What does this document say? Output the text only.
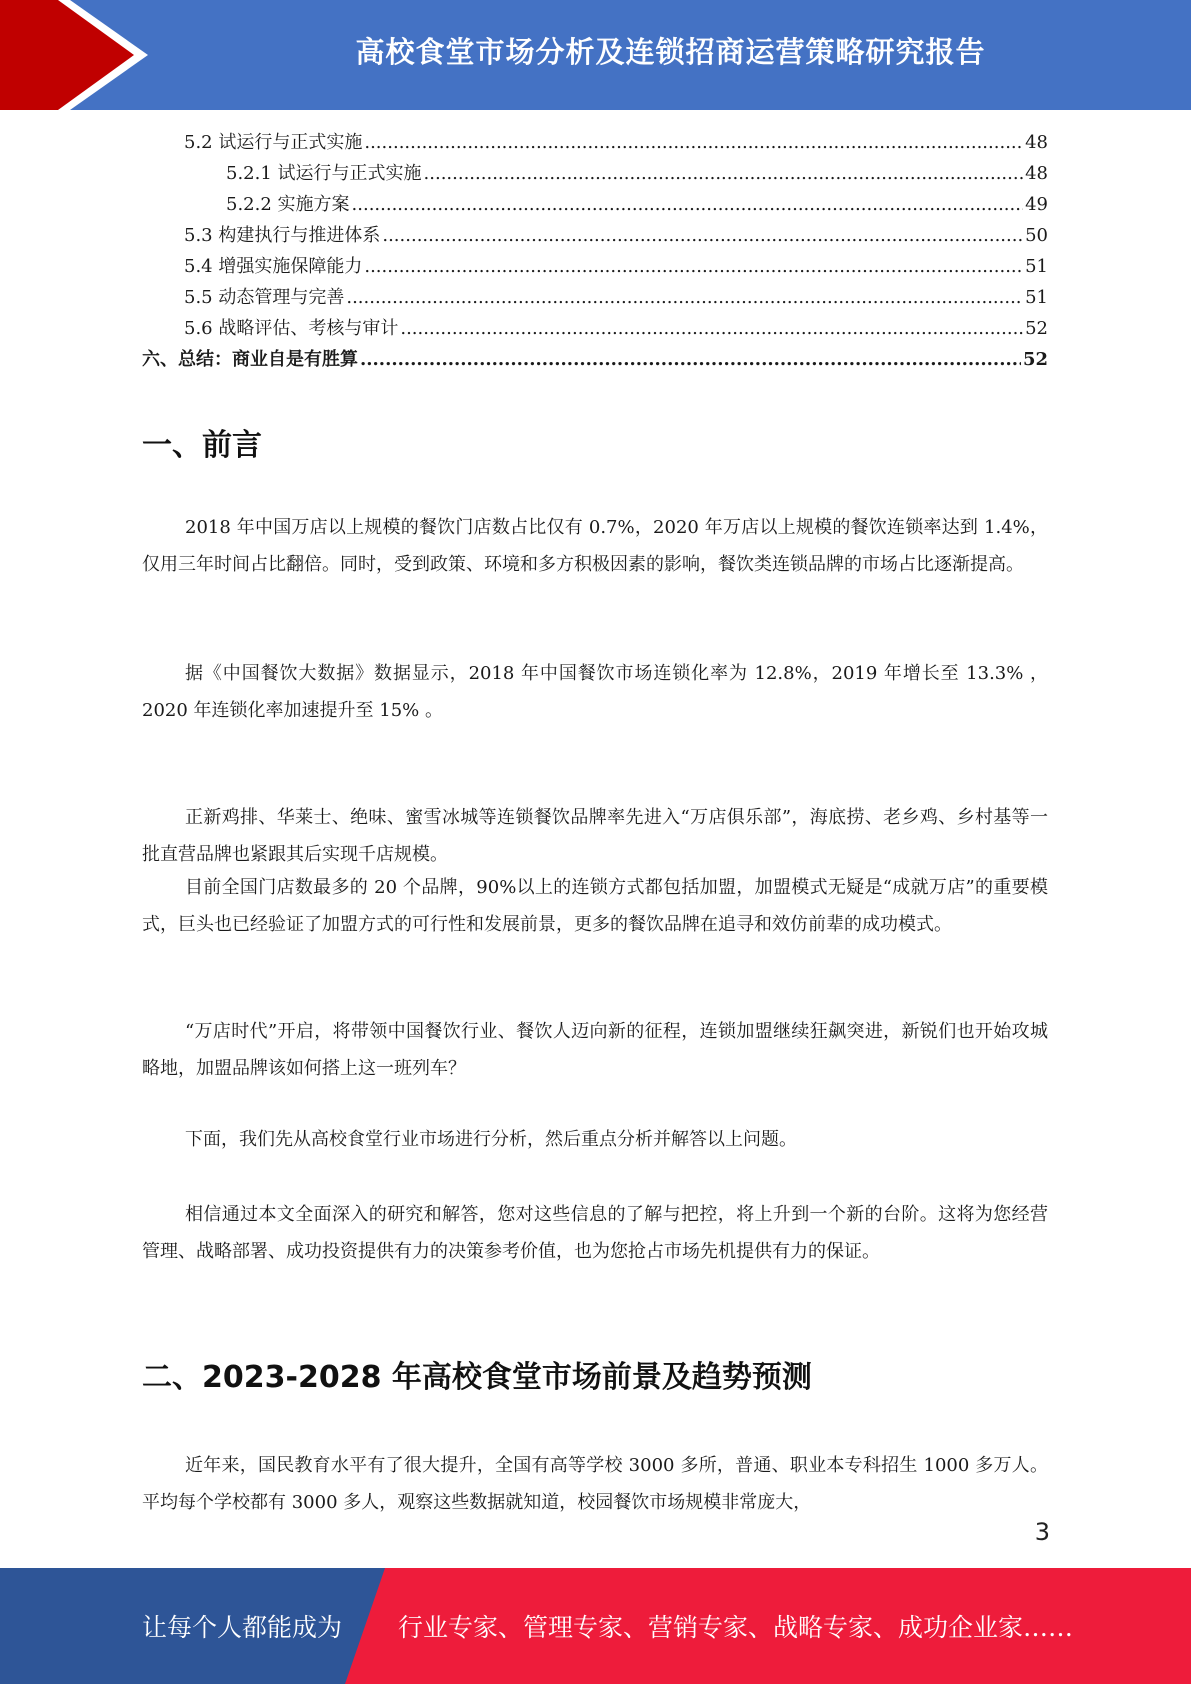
高校食堂市场分析及连锁招商运营策略研究报告
5.2 试运行与正式实施 .....	48
5.2.1 试运行与正式实施 .....	48
5.2.2 实施方案 .....	49
5.3 构建执行与推进体系 .....	50
5.4 增强实施保障能力 .....	51
5.5 动态管理与完善 .....	51
5.6 战略评估、考核与审计 .....	52
六、总结：商业自是有胜算 .....	52
一、前言

2018 年中国万店以上规模的餐饮门店数占比仅有 0.7%，2020 年万店以上规模的餐饮连锁率达到 1.4%，仅用三年时间占比翻倍。同时，受到政策、环境和多方积极因素的影响，餐饮类连锁品牌的市场占比逐渐提高。

据《中国餐饮大数据》数据显示，2018 年中国餐饮市场连锁化率为 12.8%，2019 年增长至 13.3% ，2020 年连锁化率加速提升至 15% 。

正新鸡排、华莱士、绝味、蜜雪冰城等连锁餐饮品牌率先进入“万店俱乐部”，海底捞、老乡鸡、乡村基等一批直营品牌也紧跟其后实现千店规模。

目前全国门店数最多的 20 个品牌，90%以上的连锁方式都包括加盟，加盟模式无疑是“成就万店”的重要模式，巨头也已经验证了加盟方式的可行性和发展前景，更多的餐饮品牌在追寻和效仿前辈的成功模式。

“万店时代”开启，将带领中国餐饮行业、餐饮人迈向新的征程，连锁加盟继续狂飙突进，新锐们也开始攻城略地，加盟品牌该如何搭上这一班列车？

下面，我们先从高校食堂行业市场进行分析，然后重点分析并解答以上问题。

相信通过本文全面深入的研究和解答，您对这些信息的了解与把控，将上升到一个新的台阶。这将为您经营管理、战略部署、成功投资提供有力的决策参考价值，也为您抢占市场先机提供有力的保证。

二、2023-2028 年高校食堂市场前景及趋势预测

近年来，国民教育水平有了很大提升，全国有高等学校 3000 多所，普通、职业本专科招生 1000 多万人。平均每个学校都有 3000 多人，观察这些数据就知道，校园餐饮市场规模非常庞大，

3
让每个人都能成为 行业专家、管理专家、营销专家、战略专家、成功企业家……
